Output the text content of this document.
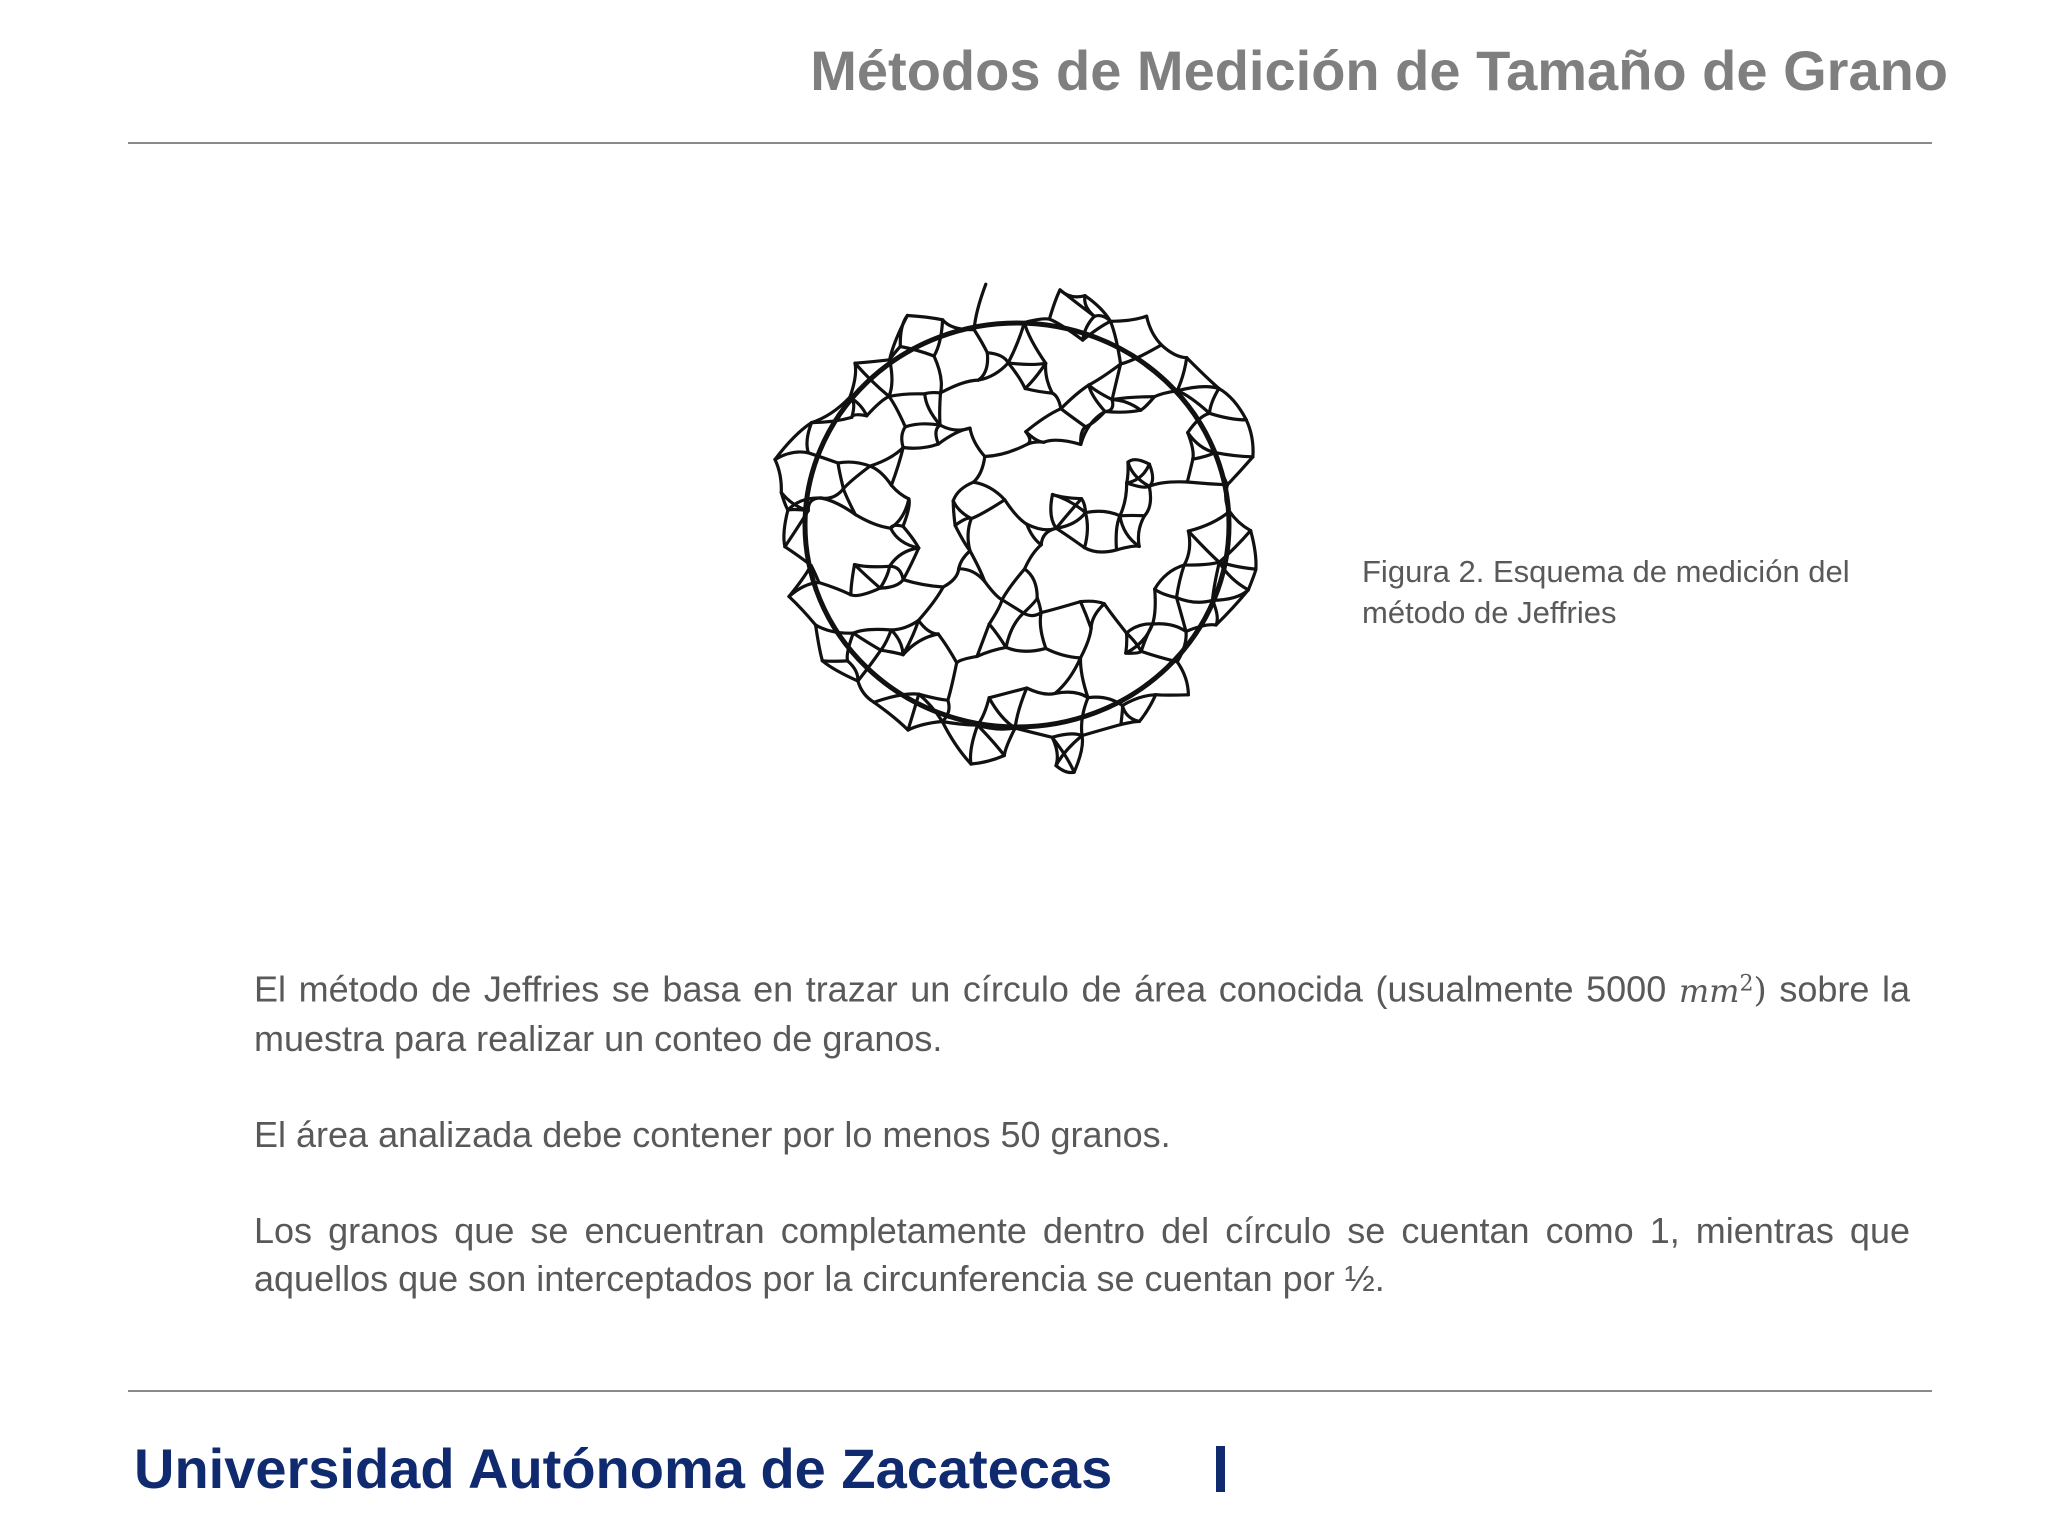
Métodos de Medición de Tamaño de Grano

Figura 2. Esquema de medición del método de Jeffries

El método de Jeffries se basa en trazar un círculo de área conocida (usualmente 5000 $mm^2$) sobre la muestra para realizar un conteo de granos.

El área analizada debe contener por lo menos 50 granos.

Los granos que se encuentran completamente dentro del círculo se cuentan como 1, mientras que aquellos que son interceptados por la circunferencia se cuentan por ½.

Universidad Autónoma de Zacatecas
